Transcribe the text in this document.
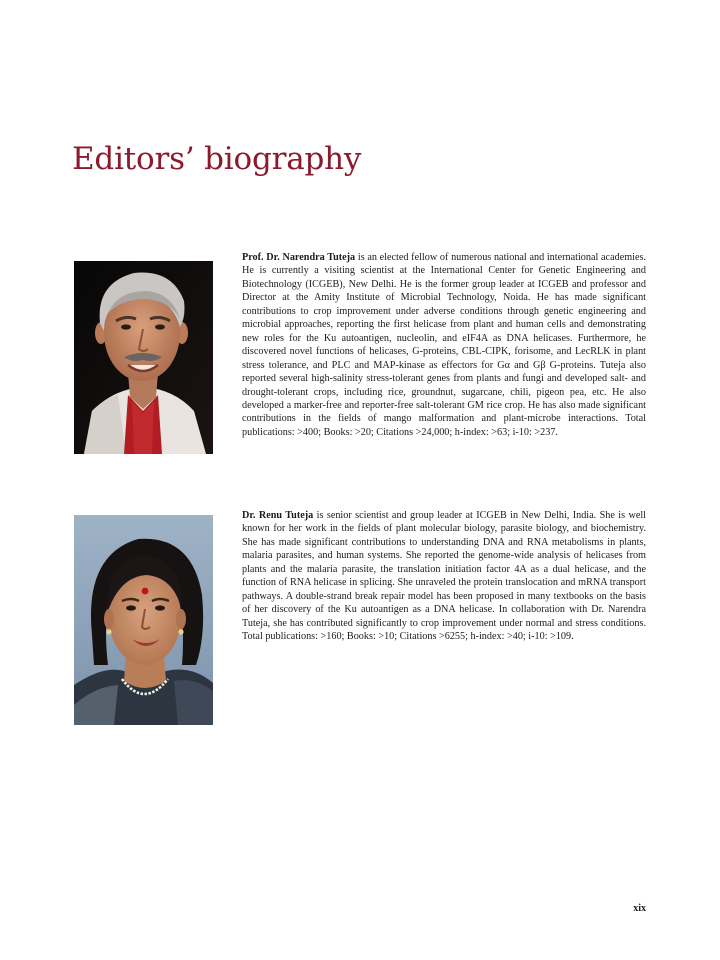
Editors’ biography

Prof. Dr. Narendra Tuteja is an elected fellow of numerous national and international academies. He is currently a visiting scientist at the International Center for Genetic Engineering and Biotechnology (ICGEB), New Delhi. He is the former group leader at ICGEB and professor and Director at the Amity Institute of Microbial Technology, Noida. He has made significant contributions to crop improvement under adverse conditions through genetic engineering and microbial approaches, reporting the first helicase from plant and human cells and demonstrating new roles for the Ku autoantigen, nucleolin, and eIF4A as DNA helicases. Furthermore, he discovered novel functions of helicases, G-proteins, CBL-CIPK, forisome, and LecRLK in plant stress tolerance, and PLC and MAP-kinase as effectors for Gα and Gβ G-proteins. Tuteja also reported several high-salinity stress-tolerant genes from plants and fungi and developed salt- and drought-tolerant crops, including rice, groundnut, sugarcane, chili, pigeon pea, etc. He also developed a marker-free and reporter-free salt-tolerant GM rice crop. He has also made significant contributions in the fields of mango malformation and plant-microbe interactions. Total publications: >400; Books: >20; Citations >24,000; h-index: >63; i-10: >237.

Dr. Renu Tuteja is senior scientist and group leader at ICGEB in New Delhi, India. She is well known for her work in the fields of plant molecular biology, parasite biology, and biochemistry. She has made significant contributions to understanding DNA and RNA metabolisms in plants, malaria parasites, and human systems. She reported the genome-wide analysis of helicases from plants and the malaria parasite, the translation initiation factor 4A as a dual helicase, and the function of RNA helicase in splicing. She unraveled the protein translocation and mRNA transport pathways. A double-strand break repair model has been proposed in many textbooks on the basis of her discovery of the Ku autoantigen as a DNA helicase. In collaboration with Dr. Narendra Tuteja, she has contributed significantly to crop improvement under normal and stress conditions. Total publications: >160; Books: >10; Citations >6255; h-index: >40; i-10: >109.

xix
